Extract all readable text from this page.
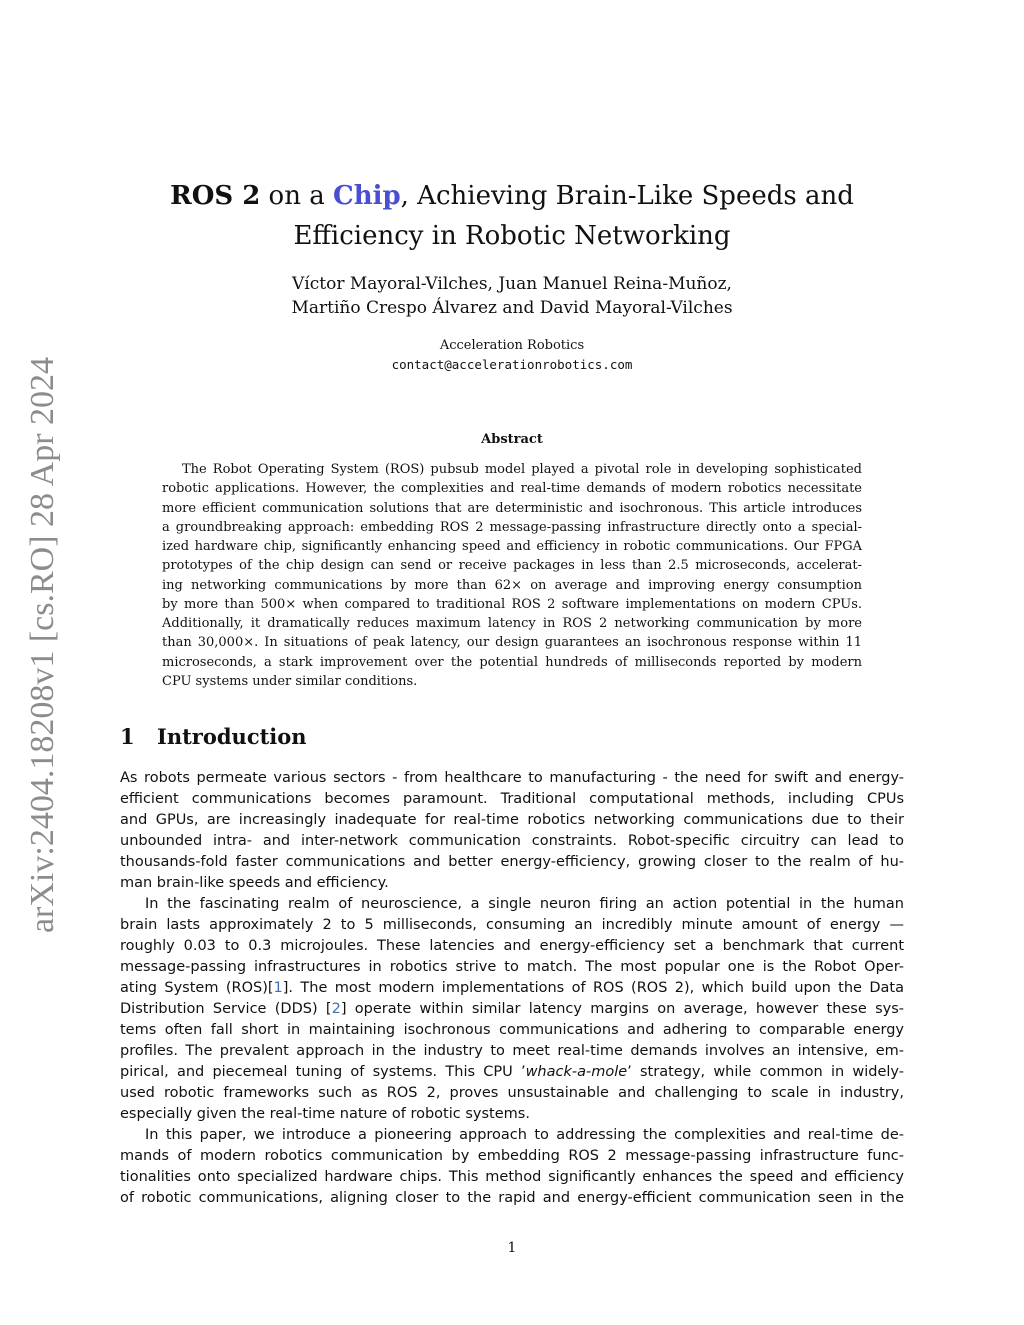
arXiv:2404.18208v1 [cs.RO] 28 Apr 2024
ROS 2 on a Chip, Achieving Brain-Like Speeds and
Efficiency in Robotic Networking
Víctor Mayoral-Vilches, Juan Manuel Reina-Muñoz,
Martiño Crespo Álvarez and David Mayoral-Vilches
Acceleration Robotics
contact@accelerationrobotics.com
Abstract
The Robot Operating System (ROS) pubsub model played a pivotal role in developing sophisticated
robotic applications. However, the complexities and real-time demands of modern robotics necessitate
more efficient communication solutions that are deterministic and isochronous. This article introduces
a groundbreaking approach: embedding ROS 2 message-passing infrastructure directly onto a special-
ized hardware chip, significantly enhancing speed and efficiency in robotic communications. Our FPGA
prototypes of the chip design can send or receive packages in less than 2.5 microseconds, accelerat-
ing networking communications by more than 62× on average and improving energy consumption
by more than 500× when compared to traditional ROS 2 software implementations on modern CPUs.
Additionally, it dramatically reduces maximum latency in ROS 2 networking communication by more
than 30,000×. In situations of peak latency, our design guarantees an isochronous response within 11
microseconds, a stark improvement over the potential hundreds of milliseconds reported by modern
CPU systems under similar conditions.
1 Introduction
As robots permeate various sectors - from healthcare to manufacturing - the need for swift and energy-
efficient communications becomes paramount. Traditional computational methods, including CPUs
and GPUs, are increasingly inadequate for real-time robotics networking communications due to their
unbounded intra- and inter-network communication constraints. Robot-specific circuitry can lead to
thousands-fold faster communications and better energy-efficiency, growing closer to the realm of hu-
man brain-like speeds and efficiency.
In the fascinating realm of neuroscience, a single neuron firing an action potential in the human
brain lasts approximately 2 to 5 milliseconds, consuming an incredibly minute amount of energy —
roughly 0.03 to 0.3 microjoules. These latencies and energy-efficiency set a benchmark that current
message-passing infrastructures in robotics strive to match. The most popular one is the Robot Oper-
ating System (ROS)[1]. The most modern implementations of ROS (ROS 2), which build upon the Data
Distribution Service (DDS) [2] operate within similar latency margins on average, however these sys-
tems often fall short in maintaining isochronous communications and adhering to comparable energy
profiles. The prevalent approach in the industry to meet real-time demands involves an intensive, em-
pirical, and piecemeal tuning of systems. This CPU ’whack-a-mole’ strategy, while common in widely-
used robotic frameworks such as ROS 2, proves unsustainable and challenging to scale in industry,
especially given the real-time nature of robotic systems.
In this paper, we introduce a pioneering approach to addressing the complexities and real-time de-
mands of modern robotics communication by embedding ROS 2 message-passing infrastructure func-
tionalities onto specialized hardware chips. This method significantly enhances the speed and efficiency
of robotic communications, aligning closer to the rapid and energy-efficient communication seen in the
1
